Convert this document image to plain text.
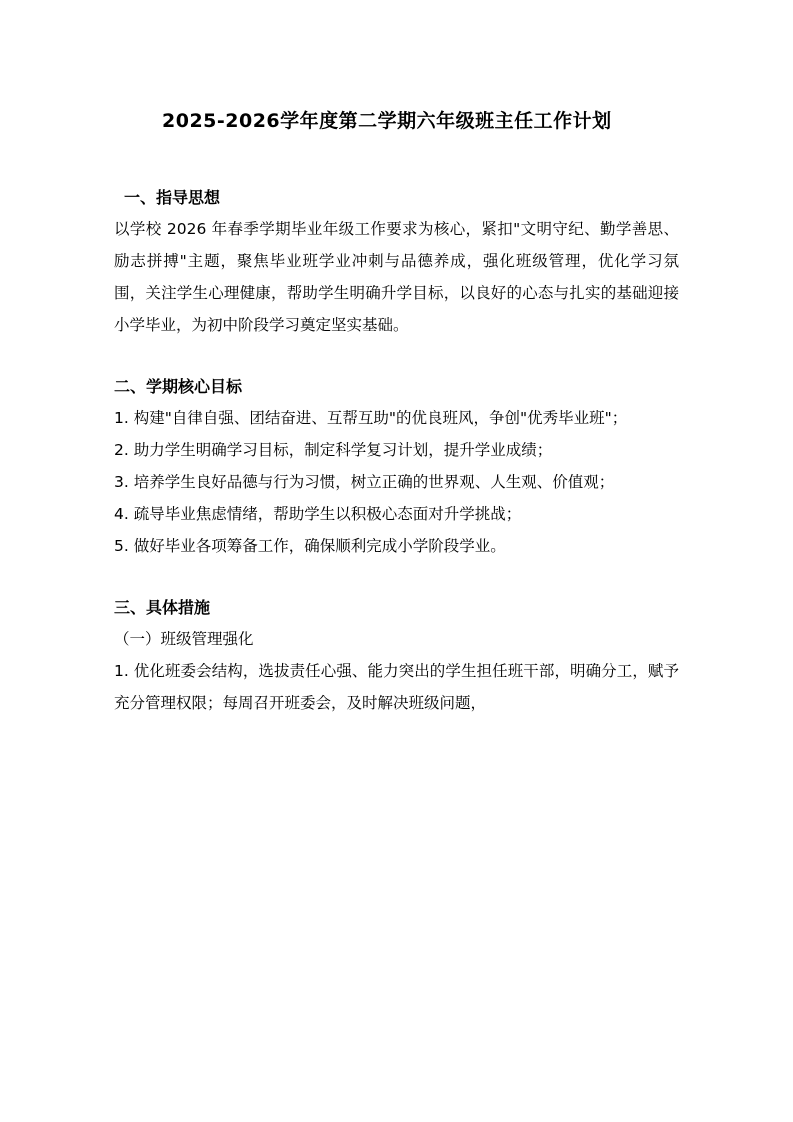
2025-2026学年度第二学期六年级班主任工作计划

一、指导思想

以学校 2026 年春季学期毕业年级工作要求为核心，紧扣"文明守纪、勤学善思、励志拼搏"主题，聚焦毕业班学业冲刺与品德养成，强化班级管理，优化学习氛围，关注学生心理健康，帮助学生明确升学目标，以良好的心态与扎实的基础迎接小学毕业，为初中阶段学习奠定坚实基础。

二、学期核心目标

1. 构建"自律自强、团结奋进、互帮互助"的优良班风，争创"优秀毕业班"；

2. 助力学生明确学习目标，制定科学复习计划，提升学业成绩；

3. 培养学生良好品德与行为习惯，树立正确的世界观、人生观、价值观；

4. 疏导毕业焦虑情绪，帮助学生以积极心态面对升学挑战；

5. 做好毕业各项筹备工作，确保顺利完成小学阶段学业。

三、具体措施

（一）班级管理强化

1. 优化班委会结构，选拔责任心强、能力突出的学生担任班干部，明确分工，赋予充分管理权限；每周召开班委会，及时解决班级问题，
